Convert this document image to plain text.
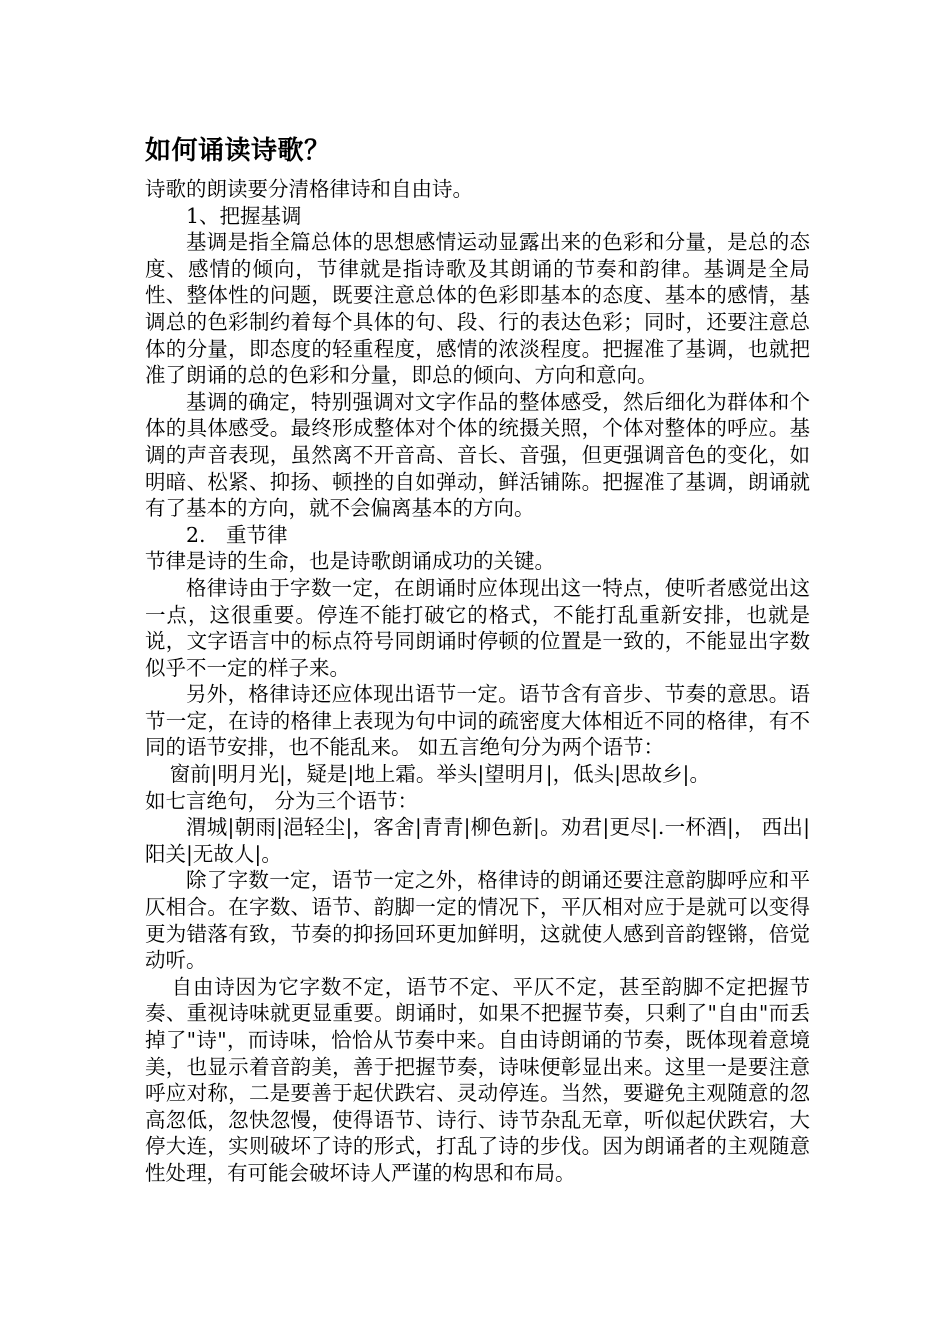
如何诵读诗歌？

诗歌的朗读要分清格律诗和自由诗。

1、把握基调

基调是指全篇总体的思想感情运动显露出来的色彩和分量，是总的态度、感情的倾向，节律就是指诗歌及其朗诵的节奏和韵律。基调是全局性、整体性的问题，既要注意总体的色彩即基本的态度、基本的感情，基调总的色彩制约着每个具体的句、段、行的表达色彩；同时，还要注意总体的分量，即态度的轻重程度，感情的浓淡程度。把握准了基调，也就把准了朗诵的总的色彩和分量，即总的倾向、方向和意向。

基调的确定，特别强调对文字作品的整体感受，然后细化为群体和个体的具体感受。最终形成整体对个体的统摄关照，个体对整体的呼应。基调的声音表现，虽然离不开音高、音长、音强，但更强调音色的变化，如明暗、松紧、抑扬、顿挫的自如弹动，鲜活铺陈。把握准了基调，朗诵就有了基本的方向，就不会偏离基本的方向。

2.　重节律

节律是诗的生命，也是诗歌朗诵成功的关键。

格律诗由于字数一定，在朗诵时应体现出这一特点，使听者感觉出这一点，这很重要。停连不能打破它的格式，不能打乱重新安排，也就是说，文字语言中的标点符号同朗诵时停顿的位置是一致的，不能显出字数似乎不一定的样子来。

另外，格律诗还应体现出语节一定。语节含有音步、节奏的意思。语节一定，在诗的格律上表现为句中词的疏密度大体相近不同的格律，有不同的语节安排，也不能乱来。 如五言绝句分为两个语节：

窗前|明月光|，疑是|地上霜。举头|望明月|，低头|思故乡|。

如七言绝句， 分为三个语节：

渭城|朝雨|浥轻尘|，客舍|青青|柳色新|。劝君|更尽|.一杯酒|， 西出|阳关|无故人|。

除了字数一定，语节一定之外，格律诗的朗诵还要注意韵脚呼应和平仄相合。在字数、语节、韵脚一定的情况下，平仄相对应于是就可以变得更为错落有致，节奏的抑扬回环更加鲜明，这就使人感到音韵铿锵，倍觉动听。

自由诗因为它字数不定，语节不定、平仄不定，甚至韵脚不定把握节奏、重视诗味就更显重要。朗诵时，如果不把握节奏，只剩了"自由"而丢掉了"诗"，而诗味，恰恰从节奏中来。自由诗朗诵的节奏，既体现着意境美，也显示着音韵美，善于把握节奏，诗味便彰显出来。这里一是要注意呼应对称，二是要善于起伏跌宕、灵动停连。当然，要避免主观随意的忽高忽低，忽快忽慢，使得语节、诗行、诗节杂乱无章，听似起伏跌宕，大停大连，实则破坏了诗的形式，打乱了诗的步伐。因为朗诵者的主观随意性处理，有可能会破坏诗人严谨的构思和布局。
